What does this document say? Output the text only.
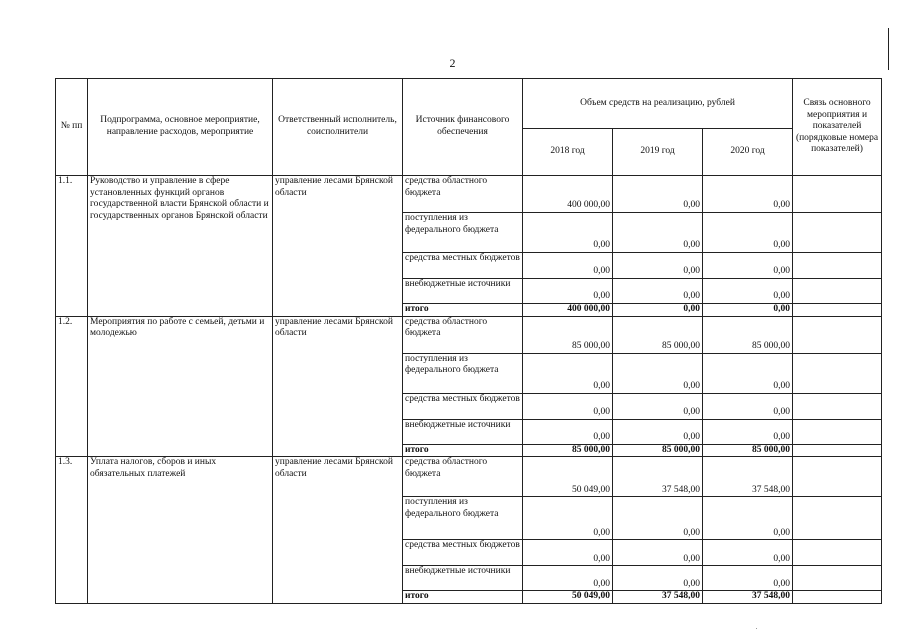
2
№ пп	Подпрограмма, основное мероприятие, направление расходов, мероприятие	Ответственный исполнитель, соисполнители	Источник финансового обеспечения	Объем средств на реализацию, рублей			Связь основного мероприятия и показателей (порядковые номера показателей)
				2018 год	2019 год	2020 год	
1.1.	Руководство и управление в сфере установленных функций органов государственной власти Брянской области и государственных органов Брянской области	управление лесами Брянской области	средства областного бюджета	400 000,00	0,00	0,00	
			поступления из федерального бюджета	0,00	0,00	0,00	
			средства местных бюджетов	0,00	0,00	0,00	
			внебюджетные источники	0,00	0,00	0,00	
			итого	400 000,00	0,00	0,00	
1.2.	Мероприятия по работе с семьей, детьми и молодежью	управление лесами Брянской области	средства областного бюджета	85 000,00	85 000,00	85 000,00	
			поступления из федерального бюджета	0,00	0,00	0,00	
			средства местных бюджетов	0,00	0,00	0,00	
			внебюджетные источники	0,00	0,00	0,00	
			итого	85 000,00	85 000,00	85 000,00	
1.3.	Уплата налогов, сборов и иных обязательных платежей	управление лесами Брянской области	средства областного бюджета	50 049,00	37 548,00	37 548,00	
			поступления из федерального бюджета	0,00	0,00	0,00	
			средства местных бюджетов	0,00	0,00	0,00	
			внебюджетные источники	0,00	0,00	0,00	
			итого	50 049,00	37 548,00	37 548,00	
